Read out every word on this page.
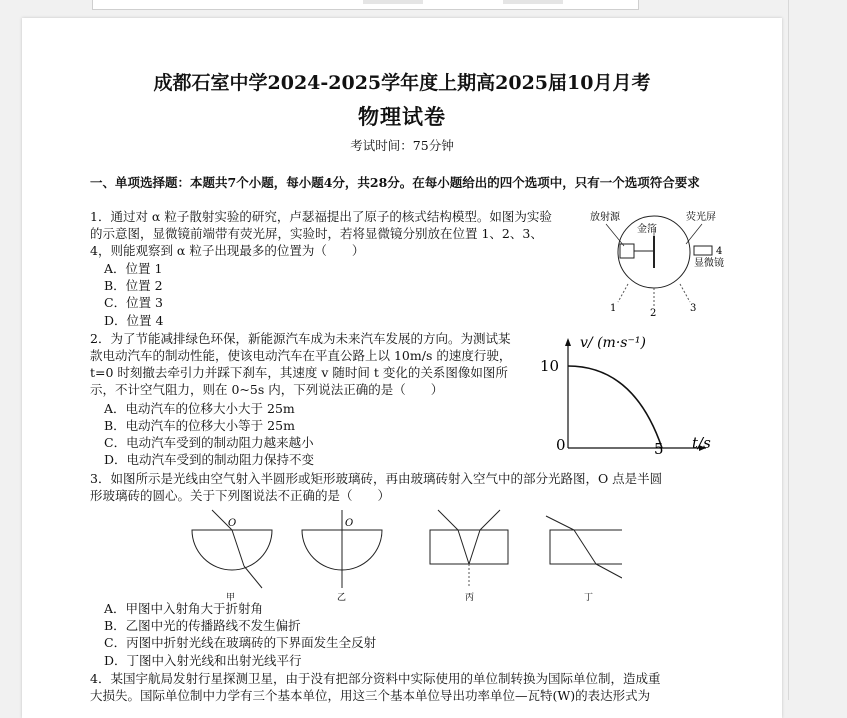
成都石室中学2024-2025学年度上期高2025届10月月考
物理试卷
考试时间：75分钟
一、单项选择题：本题共7个小题，每小题4分，共28分。在每小题给出的四个选项中，只有一个选项符合要求
1．通过对 α 粒子散射实验的研究，卢瑟福提出了原子的核式结构模型。如图为实验
的示意图，显微镜前端带有荧光屏，实验时，若将显微镜分别放在位置 1、2、3、
4，则能观察到 α 粒子出现最多的位置为（　　）
A．位置 1
B．位置 2
C．位置 3
D．位置 4
放射源
金箔
荧光屏
显微镜
4
1	2	3
2．为了节能减排绿色环保，新能源汽车成为未来汽车发展的方向。为测试某
款电动汽车的制动性能，使该电动汽车在平直公路上以 10m/s 的速度行驶，
t=0 时刻撤去牵引力并踩下刹车，其速度 v 随时间 t 变化的关系图像如图所
示，不计空气阻力，则在 0~5s 内，下列说法正确的是（　　）
A．电动汽车的位移大小大于 25m
B．电动汽车的位移大小等于 25m
C．电动汽车受到的制动阻力越来越小
D．电动汽车受到的制动阻力保持不变
v/ (m·s⁻¹)
10
0	5 t/s
3．如图所示是光线由空气射入半圆形或矩形玻璃砖，再由玻璃砖射入空气中的部分光路图，O 点是半圆
形玻璃砖的圆心。关于下列图说法不正确的是（　　）
O
甲
O
乙	丙	丁
A．甲图中入射角大于折射角
B．乙图中光的传播路线不发生偏折
C．丙图中折射光线在玻璃砖的下界面发生全反射
D．丁图中入射光线和出射光线平行
4．某国宇航局发射行星探测卫星，由于没有把部分资料中实际使用的单位制转换为国际单位制，造成重
大损失。国际单位制中力学有三个基本单位，用这三个基本单位导出功率单位—瓦特(W)的表达形式为
